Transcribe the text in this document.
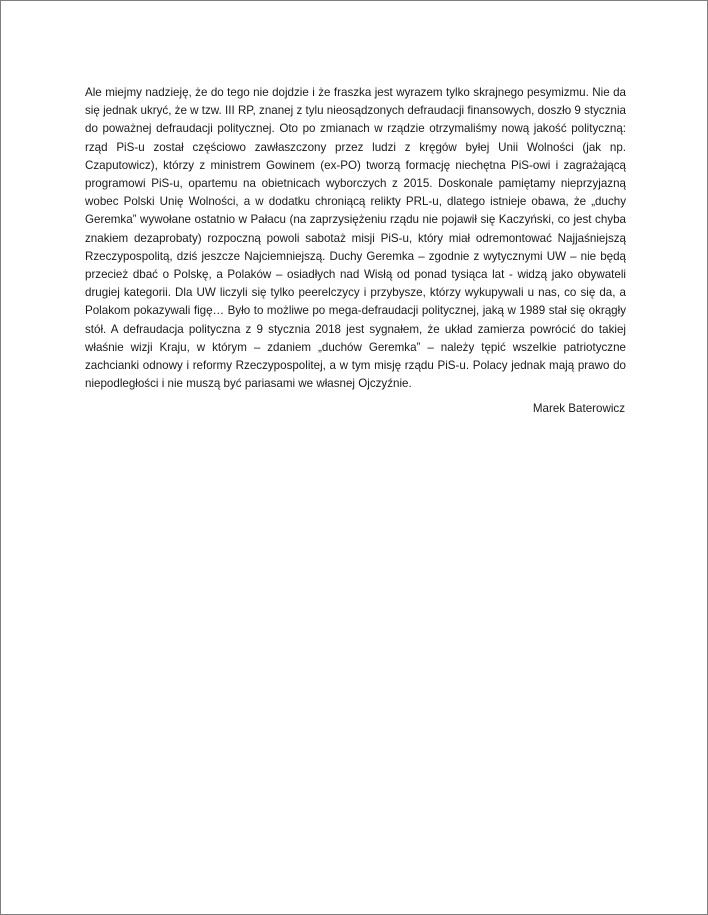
Ale miejmy nadzieję, że do tego nie dojdzie i że fraszka jest wyrazem tylko skrajnego pesymizmu. Nie da się jednak ukryć, że w tzw. III RP, znanej z tylu nieosądzonych defraudacji finansowych, doszło 9 stycznia do poważnej defraudacji politycznej. Oto po zmianach w rządzie otrzymaliśmy nową jakość polityczną: rząd PiS-u został częściowo zawłaszczony przez ludzi z kręgów byłej Unii Wolności (jak np. Czaputowicz), którzy z ministrem Gowinem (ex-PO) tworzą formację niechętna PiS-owi i zagrażającą programowi PiS-u, opartemu na obietnicach wyborczych z 2015. Doskonale pamiętamy nieprzyjazną wobec Polski Unię Wolności, a w dodatku chroniącą relikty PRL-u, dlatego istnieje obawa, że „duchy Geremka” wywołane ostatnio w Pałacu (na zaprzysiężeniu rządu nie pojawił się Kaczyński, co jest chyba znakiem dezaprobaty) rozpoczną powoli sabotaż misji PiS-u, który miał odremontować Najjaśniejszą Rzeczypospolitą, dziś jeszcze Najciemniejszą. Duchy Geremka – zgodnie z wytycznymi UW – nie będą przecież dbać o Polskę, a Polaków – osiadłych nad Wisłą od ponad tysiąca lat - widzą jako obywateli drugiej kategorii. Dla UW liczyli się tylko peerelczycy i przybysze, którzy wykupywali u nas, co się da, a Polakom pokazywali figę… Było to możliwe po mega-defraudacji politycznej, jaką w 1989 stał się okrągły stół. A defraudacja polityczna z 9 stycznia 2018 jest sygnałem, że układ zamierza powrócić do takiej właśnie wizji Kraju, w którym – zdaniem „duchów Geremka” – należy tępić wszelkie patriotyczne zachcianki odnowy i reformy Rzeczypospolitej, a w tym misję rządu PiS-u. Polacy jednak mają prawo do niepodległości i nie muszą być pariasami we własnej Ojczyźnie.

Marek Baterowicz
